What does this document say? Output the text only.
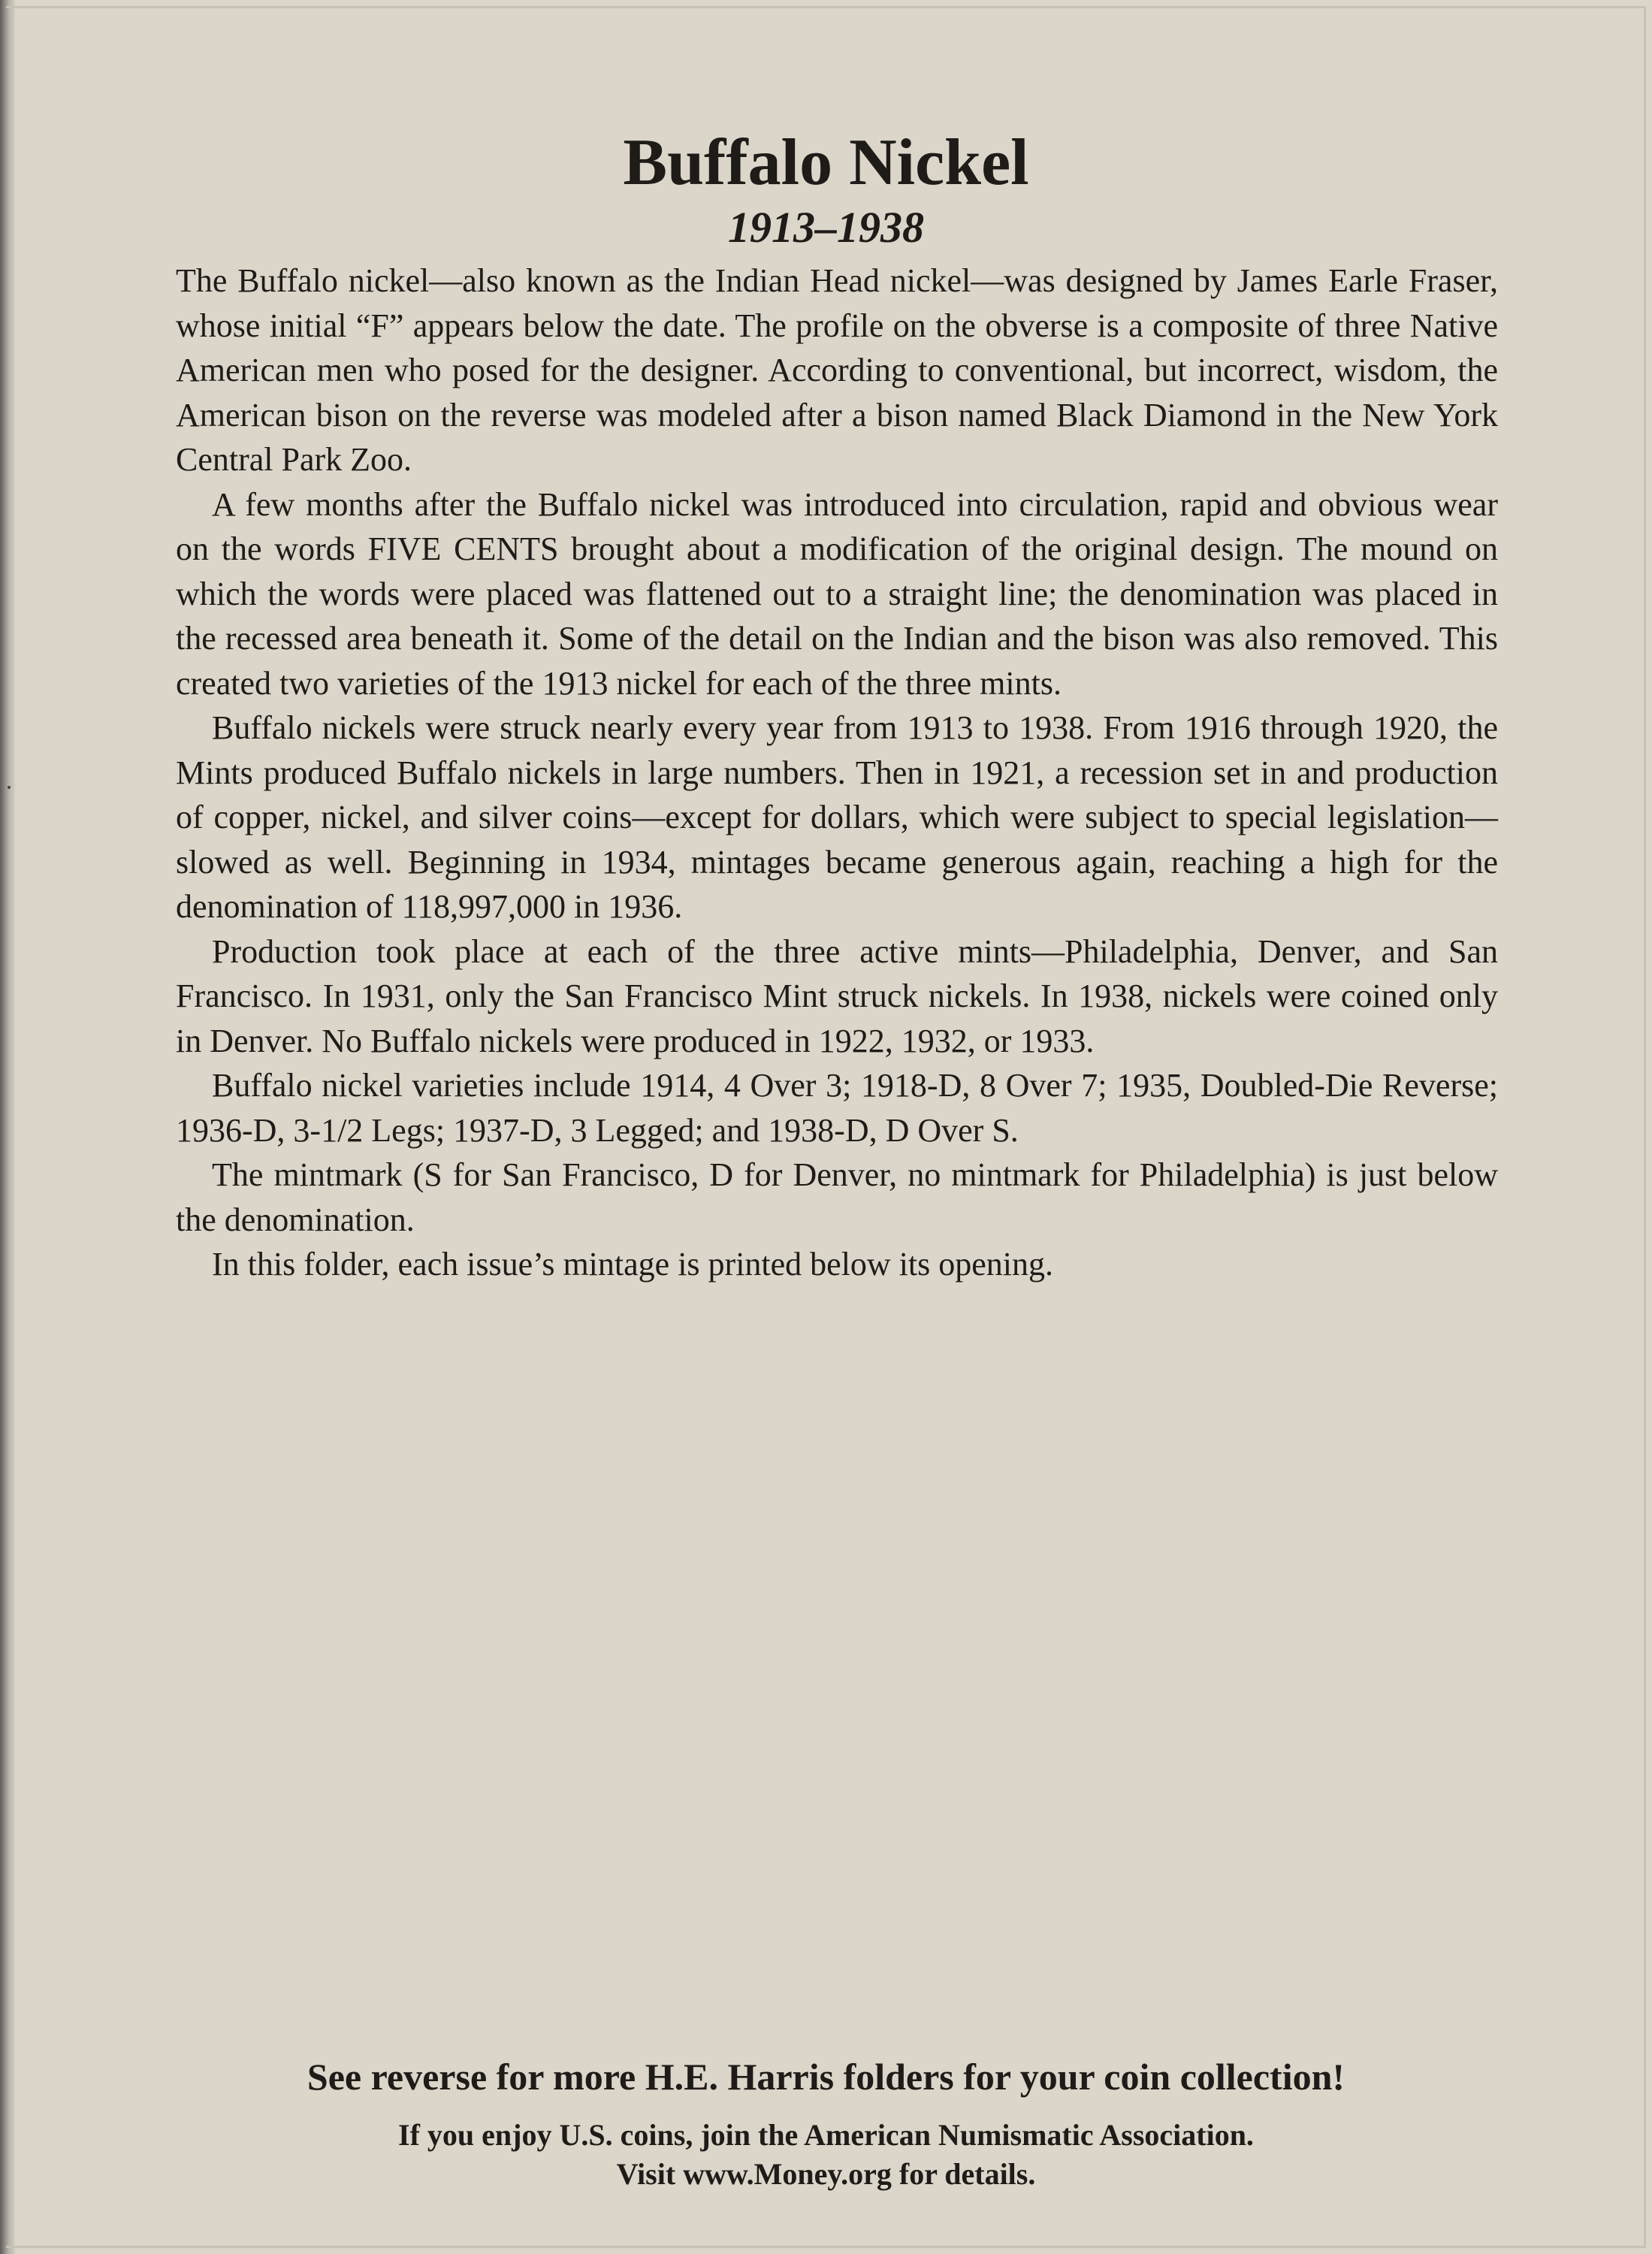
Buffalo Nickel
1913–1938

The Buffalo nickel—also known as the Indian Head nickel—was designed by James Earle Fraser, whose initial “F” appears below the date. The profile on the obverse is a composite of three Native American men who posed for the designer. According to conventional, but incorrect, wisdom, the American bison on the reverse was modeled after a bison named Black Diamond in the New York Central Park Zoo.

A few months after the Buffalo nickel was introduced into circulation, rapid and obvious wear on the words FIVE CENTS brought about a modification of the original design. The mound on which the words were placed was flattened out to a straight line; the denomination was placed in the recessed area beneath it. Some of the detail on the Indian and the bison was also removed. This created two varieties of the 1913 nickel for each of the three mints.

Buffalo nickels were struck nearly every year from 1913 to 1938. From 1916 through 1920, the Mints produced Buffalo nickels in large numbers. Then in 1921, a recession set in and production of copper, nickel, and silver coins—except for dollars, which were subject to special legislation—slowed as well. Beginning in 1934, mintages became generous again, reaching a high for the denomination of 118,997,000 in 1936.

Production took place at each of the three active mints—Philadelphia, Denver, and San Francisco. In 1931, only the San Francisco Mint struck nickels. In 1938, nickels were coined only in Denver. No Buffalo nickels were produced in 1922, 1932, or 1933.

Buffalo nickel varieties include 1914, 4 Over 3; 1918-D, 8 Over 7; 1935, Doubled-Die Reverse; 1936-D, 3-1/2 Legs; 1937-D, 3 Legged; and 1938-D, D Over S.

The mintmark (S for San Francisco, D for Denver, no mintmark for Philadelphia) is just below the denomination.

In this folder, each issue’s mintage is printed below its opening.

See reverse for more H.E. Harris folders for your coin collection!
If you enjoy U.S. coins, join the American Numismatic Association.
Visit www.Money.org for details.
